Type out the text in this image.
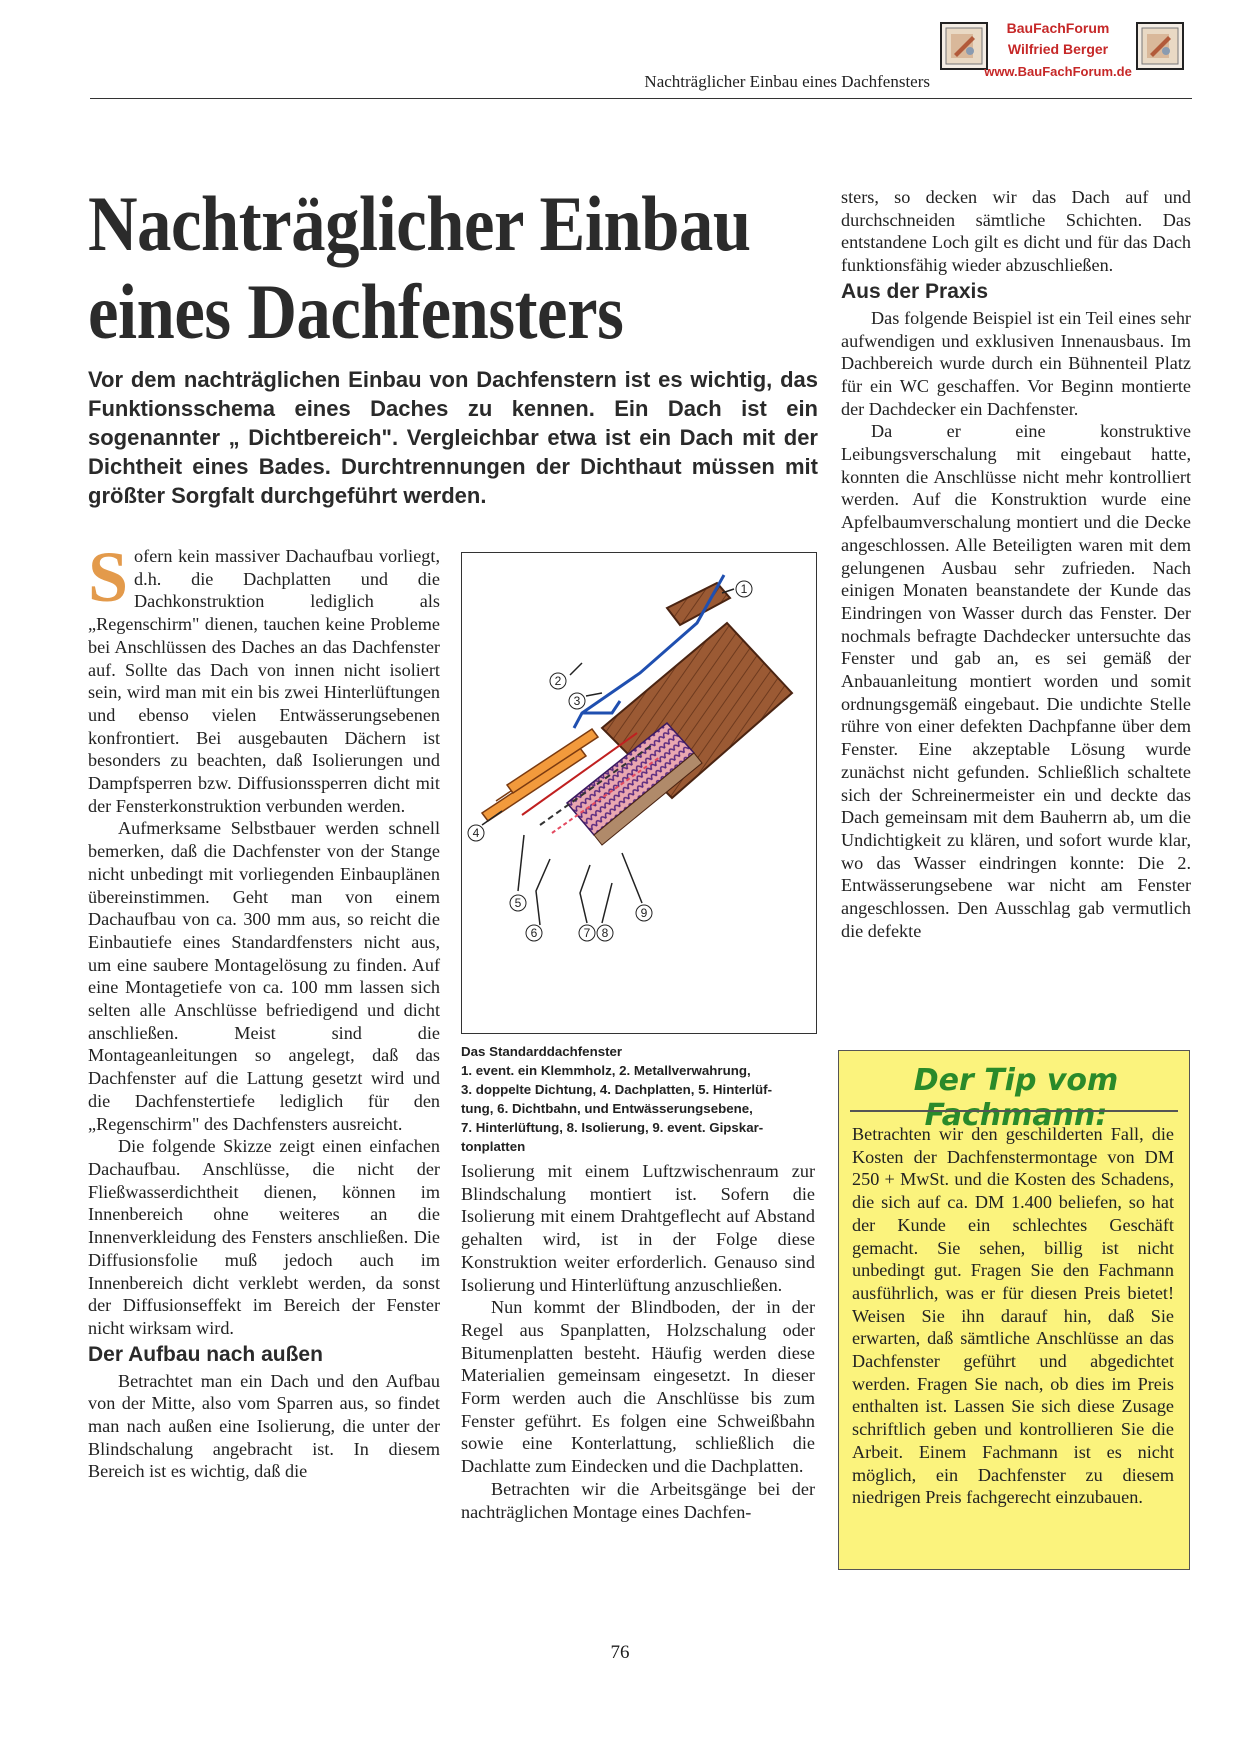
Nachträglicher Einbau eines Dachfensters
BauFachForum
Wilfried Berger
www.BauFachForum.de
Nachträglicher Einbau
eines Dachfensters
Vor dem nachträglichen Einbau von Dachfenstern ist es wichtig, das Funktionsschema eines Daches zu kennen. Ein Dach ist ein sogenannter „ Dichtbereich". Vergleichbar etwa ist ein Dach mit der Dichtheit eines Bades. Durchtrennungen der Dichthaut müssen mit größter Sorgfalt durchgeführt werden.

Sofern kein massiver Dachaufbau vorliegt, d.h. die Dachplatten und die Dachkonstruktion lediglich als „Regenschirm" dienen, tauchen keine Probleme bei Anschlüssen des Daches an das Dachfenster auf. Sollte das Dach von innen nicht isoliert sein, wird man mit ein bis zwei Hinterlüftungen und ebenso vielen Entwässerungsebenen konfrontiert. Bei ausgebauten Dächern ist besonders zu beachten, daß Isolierungen und Dampfsperren bzw. Diffusionssperren dicht mit der Fensterkonstruktion verbunden werden.

Aufmerksame Selbstbauer werden schnell bemerken, daß die Dachfenster von der Stange nicht unbedingt mit vorliegenden Einbauplänen übereinstimmen. Geht man von einem Dachaufbau von ca. 300 mm aus, so reicht die Einbautiefe eines Standardfensters nicht aus, um eine saubere Montagelösung zu finden. Auf eine Montagetiefe von ca. 100 mm lassen sich selten alle Anschlüsse befriedigend und dicht anschließen. Meist sind die Montageanleitungen so angelegt, daß das Dachfenster auf die Lattung gesetzt wird und die Dachfenstertiefe lediglich für den „Regenschirm" des Dachfensters ausreicht.

Die folgende Skizze zeigt einen einfachen Dachaufbau. Anschlüsse, die nicht der Fließwasserdichtheit dienen, können im Innenbereich ohne weiteres an die Innenverkleidung des Fensters anschließen. Die Diffusionsfolie muß jedoch auch im Innenbereich dicht verklebt werden, da sonst der Diffusionseffekt im Bereich der Fenster nicht wirksam wird.

Der Aufbau nach außen

Betrachtet man ein Dach und den Aufbau von der Mitte, also vom Sparren aus, so findet man nach außen eine Isolierung, die unter der Blindschalung angebracht ist. In diesem Bereich ist es wichtig, daß die

1
2
3
4
5
6	7 8
9
Das Standarddachfenster
1. event. ein Klemmholz, 2. Metallverwahrung,
3. doppelte Dichtung, 4. Dachplatten, 5. Hinterlüf-
tung, 6. Dichtbahn, und Entwässerungsebene,
7. Hinterlüftung, 8. Isolierung, 9. event. Gipskar-
tonplatten

Isolierung mit einem Luftzwischenraum zur Blindschalung montiert ist. Sofern die Isolierung mit einem Drahtgeflecht auf Abstand gehalten wird, ist in der Folge diese Konstruktion weiter erforderlich. Genauso sind Isolierung und Hinterlüftung anzuschließen.

Nun kommt der Blindboden, der in der Regel aus Spanplatten, Holzschalung oder Bitumenplatten besteht. Häufig werden diese Materialien gemeinsam eingesetzt. In dieser Form werden auch die Anschlüsse bis zum Fenster geführt. Es folgen eine Schweißbahn sowie eine Konterlattung, schließlich die Dachlatte zum Eindecken und die Dachplatten.

Betrachten wir die Arbeitsgänge bei der nachträglichen Montage eines Dachfen-

sters, so decken wir das Dach auf und durchschneiden sämtliche Schichten. Das entstandene Loch gilt es dicht und für das Dach funktionsfähig wieder abzuschließen.

Aus der Praxis

Das folgende Beispiel ist ein Teil eines sehr aufwendigen und exklusiven Innenausbaus. Im Dachbereich wurde durch ein Bühnenteil Platz für ein WC geschaffen. Vor Beginn montierte der Dachdecker ein Dachfenster.

Da er eine konstruktive Leibungsverschalung mit eingebaut hatte, konnten die Anschlüsse nicht mehr kontrolliert werden. Auf die Konstruktion wurde eine Apfelbaumverschalung montiert und die Decke angeschlossen. Alle Beteiligten waren mit dem gelungenen Ausbau sehr zufrieden. Nach einigen Monaten beanstandete der Kunde das Eindringen von Wasser durch das Fenster. Der nochmals befragte Dachdecker untersuchte das Fenster und gab an, es sei gemäß der Anbauanleitung montiert worden und somit ordnungsgemäß eingebaut. Die undichte Stelle rühre von einer defekten Dachpfanne über dem Fenster. Eine akzeptable Lösung wurde zunächst nicht gefunden. Schließlich schaltete sich der Schreinermeister ein und deckte das Dach gemeinsam mit dem Bauherrn ab, um die Undichtigkeit zu klären, und sofort wurde klar, wo das Wasser eindringen konnte: Die 2. Entwässerungsebene war nicht am Fenster angeschlossen. Den Ausschlag gab vermutlich die defekte

Der Tip vom Fachmann:
Betrachten wir den geschilderten Fall, die Kosten der Dachfenstermontage von DM 250 + MwSt. und die Kosten des Schadens, die sich auf ca. DM 1.400 beliefen, so hat der Kunde ein schlechtes Geschäft gemacht. Sie sehen, billig ist nicht unbedingt gut. Fragen Sie den Fachmann ausführlich, was er für diesen Preis bietet! Weisen Sie ihn darauf hin, daß Sie erwarten, daß sämtliche Anschlüsse an das Dachfenster geführt und abgedichtet werden. Fragen Sie nach, ob dies im Preis enthalten ist. Lassen Sie sich diese Zusage schriftlich geben und kontrollieren Sie die Arbeit. Einem Fachmann ist es nicht möglich, ein Dachfenster zu diesem niedrigen Preis fachgerecht einzubauen.
76
